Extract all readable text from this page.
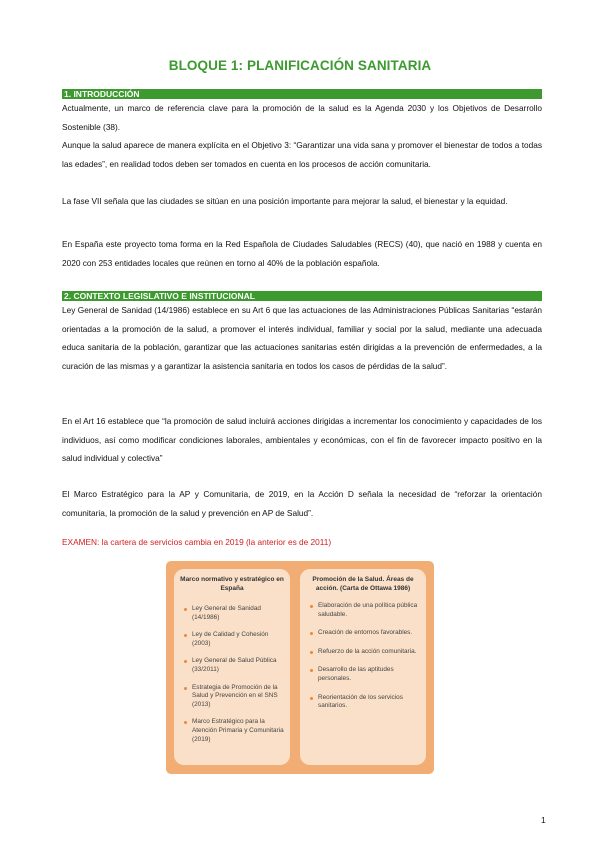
BLOQUE 1: PLANIFICACIÓN SANITARIA
1. INTRODUCCIÓN
Actualmente, un marco de referencia clave para la promoción de la salud es la Agenda 2030 y los Objetivos de Desarrollo Sostenible (38).
Aunque la salud aparece de manera explícita en el Objetivo 3: “Garantizar una vida sana y promover el bienestar de todos a todas las edades”, en realidad todos deben ser tomados en cuenta en los procesos de acción comunitaria.
La fase VII señala que las ciudades se sitúan en una posición importante para mejorar la salud, el bienestar y la equidad.
En España este proyecto toma forma en la Red Española de Ciudades Saludables (RECS) (40), que nació en 1988 y cuenta en 2020 con 253 entidades locales que reúnen en torno al 40% de la población española.
2. CONTEXTO LEGISLATIVO E INSTITUCIONAL
Ley General de Sanidad (14/1986) establece en su Art 6 que las actuaciones de las Administraciones Públicas Sanitarias “estarán orientadas a la promoción de la salud, a promover el interés individual, familiar y social por la salud, mediante una adecuada educa sanitaria de la población, garantizar que las actuaciones sanitarias estén dirigidas a la prevención de enfermedades, a la curación de las mismas y a garantizar la asistencia sanitaria en todos los casos de pérdidas de la salud”.
En el Art 16 establece que “la promoción de salud incluirá acciones dirigidas a incrementar los conocimiento y capacidades de los individuos, así como modificar condiciones laborales, ambientales y económicas, con el fin de favorecer impacto positivo en la salud individual y colectiva”
El Marco Estratégico para la AP y Comunitaria, de 2019, en la Acción D señala la necesidad de “reforzar la orientación comunitaria, la promoción de la salud y prevención en AP de Salud”.
EXAMEN: la cartera de servicios cambia en 2019 (la anterior es de 2011)
Marco normativo y estratégico en España
Ley General de Sanidad (14/1986)
Ley de Calidad y Cohesión (2003)
Ley General de Salud Pública (33/2011)
Estrategia de Promoción de la Salud y Prevención en el SNS (2013)
Marco Estratégico para la Atención Primaria y Comunitaria (2019)
Promoción de la Salud. Áreas de acción. (Carta de Ottawa 1986)
Elaboración de una política pública saludable.
Creación de entornos favorables.
Refuerzo de la acción comunitaria.
Desarrollo de las aptitudes personales.
Reorientación de los servicios sanitarios.
1
